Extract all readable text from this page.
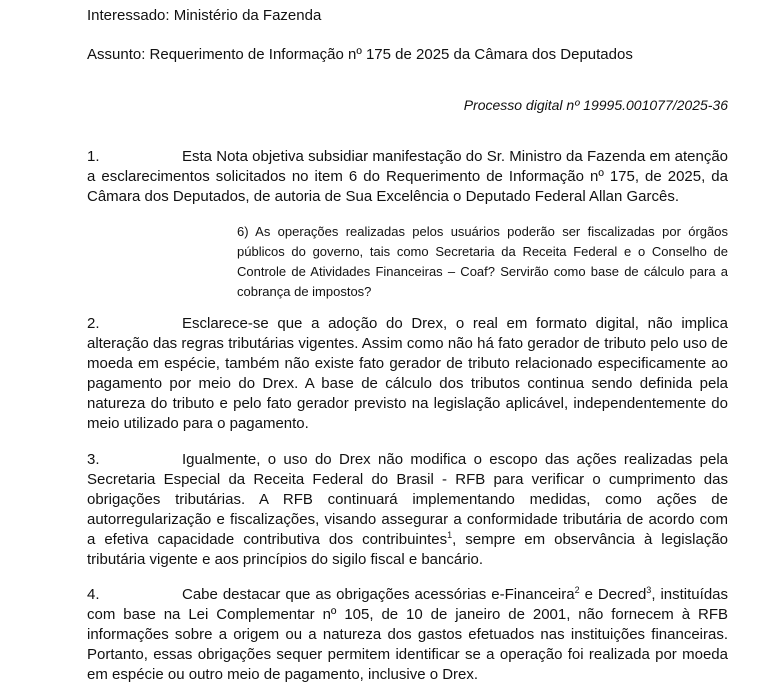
Interessado: Ministério da Fazenda
Assunto: Requerimento de Informação nº 175 de 2025 da Câmara dos Deputados
Processo digital nº 19995.001077/2025-36
1.	Esta Nota objetiva subsidiar manifestação do Sr. Ministro da Fazenda em atenção a esclarecimentos solicitados no item 6 do Requerimento de Informação nº 175, de 2025, da Câmara dos Deputados, de autoria de Sua Excelência o Deputado Federal Allan Garcês.
6) As operações realizadas pelos usuários poderão ser fiscalizadas por órgãos públicos do governo, tais como Secretaria da Receita Federal e o Conselho de Controle de Atividades Financeiras – Coaf? Servirão como base de cálculo para a cobrança de impostos?
2.	Esclarece-se que a adoção do Drex, o real em formato digital, não implica alteração das regras tributárias vigentes. Assim como não há fato gerador de tributo pelo uso de moeda em espécie, também não existe fato gerador de tributo relacionado especificamente ao pagamento por meio do Drex. A base de cálculo dos tributos continua sendo definida pela natureza do tributo e pelo fato gerador previsto na legislação aplicável, independentemente do meio utilizado para o pagamento.
3.	Igualmente, o uso do Drex não modifica o escopo das ações realizadas pela Secretaria Especial da Receita Federal do Brasil - RFB para verificar o cumprimento das obrigações tributárias. A RFB continuará implementando medidas, como ações de autorregularização e fiscalizações, visando assegurar a conformidade tributária de acordo com a efetiva capacidade contributiva dos contribuintes$^1$, sempre em observância à legislação tributária vigente e aos princípios do sigilo fiscal e bancário.
4.	Cabe destacar que as obrigações acessórias e-Financeira$^2$ e Decred$^3$, instituídas com base na Lei Complementar nº 105, de 10 de janeiro de 2001, não fornecem à RFB informações sobre a origem ou a natureza dos gastos efetuados nas instituições financeiras. Portanto, essas obrigações sequer permitem identificar se a operação foi realizada por moeda em espécie ou outro meio de pagamento, inclusive o Drex.
